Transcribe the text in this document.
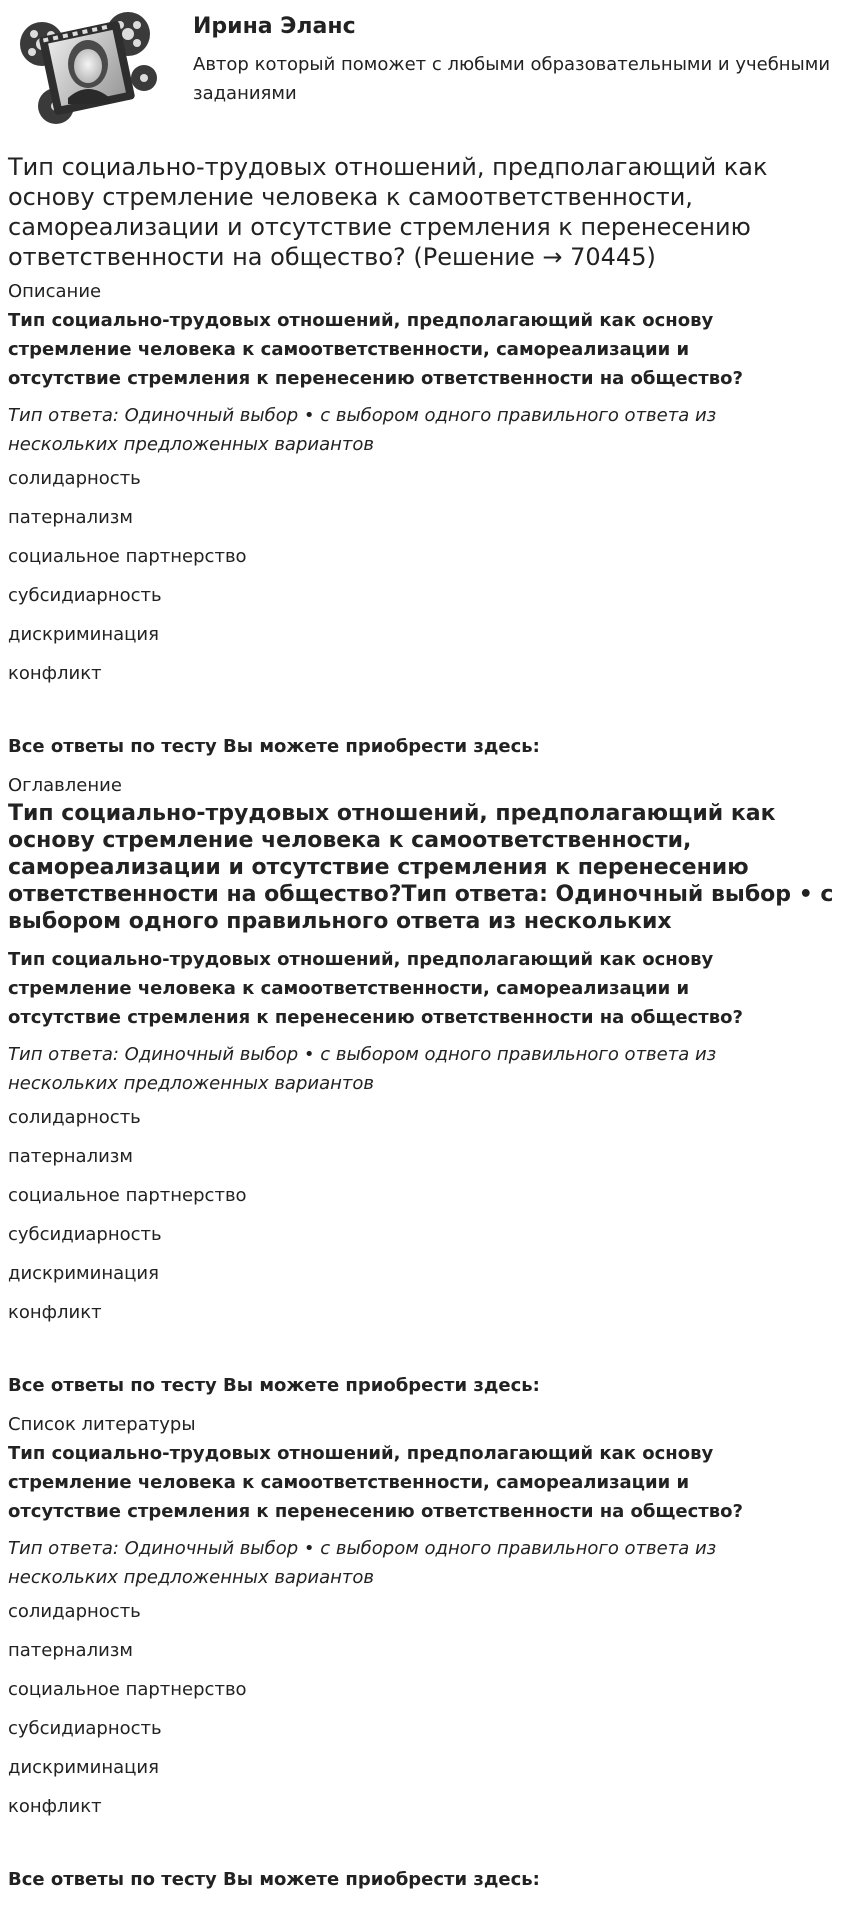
Ирина Эланс

Автор который поможет с любыми образовательными и учебными заданиями

Тип социально-трудовых отношений, предполагающий как основу стремление человека к самоответственности, самореализации и отсутствие стремления к перенесению ответственности на общество? (Решение → 70445)

Описание

Тип социально-трудовых отношений, предполагающий как основу стремление человека к самоответственности, самореализации и отсутствие стремления к перенесению ответственности на общество?

Тип ответа: Одиночный выбор • с выбором одного правильного ответа из нескольких предложенных вариантов

солидарность

патернализм

социальное партнерство

субсидиарность

дискриминация

конфликт

Все ответы по тесту Вы можете приобрести здесь:

Оглавление

Тип социально-трудовых отношений, предполагающий как основу стремление человека к самоответственности, самореализации и отсутствие стремления к перенесению ответственности на общество?Тип ответа: Одиночный выбор • с выбором одного правильного ответа из нескольких

Тип социально-трудовых отношений, предполагающий как основу стремление человека к самоответственности, самореализации и отсутствие стремления к перенесению ответственности на общество?

Тип ответа: Одиночный выбор • с выбором одного правильного ответа из нескольких предложенных вариантов

солидарность

патернализм

социальное партнерство

субсидиарность

дискриминация

конфликт

Все ответы по тесту Вы можете приобрести здесь:

Список литературы

Тип социально-трудовых отношений, предполагающий как основу стремление человека к самоответственности, самореализации и отсутствие стремления к перенесению ответственности на общество?

Тип ответа: Одиночный выбор • с выбором одного правильного ответа из нескольких предложенных вариантов

солидарность

патернализм

социальное партнерство

субсидиарность

дискриминация

конфликт

Все ответы по тесту Вы можете приобрести здесь:
